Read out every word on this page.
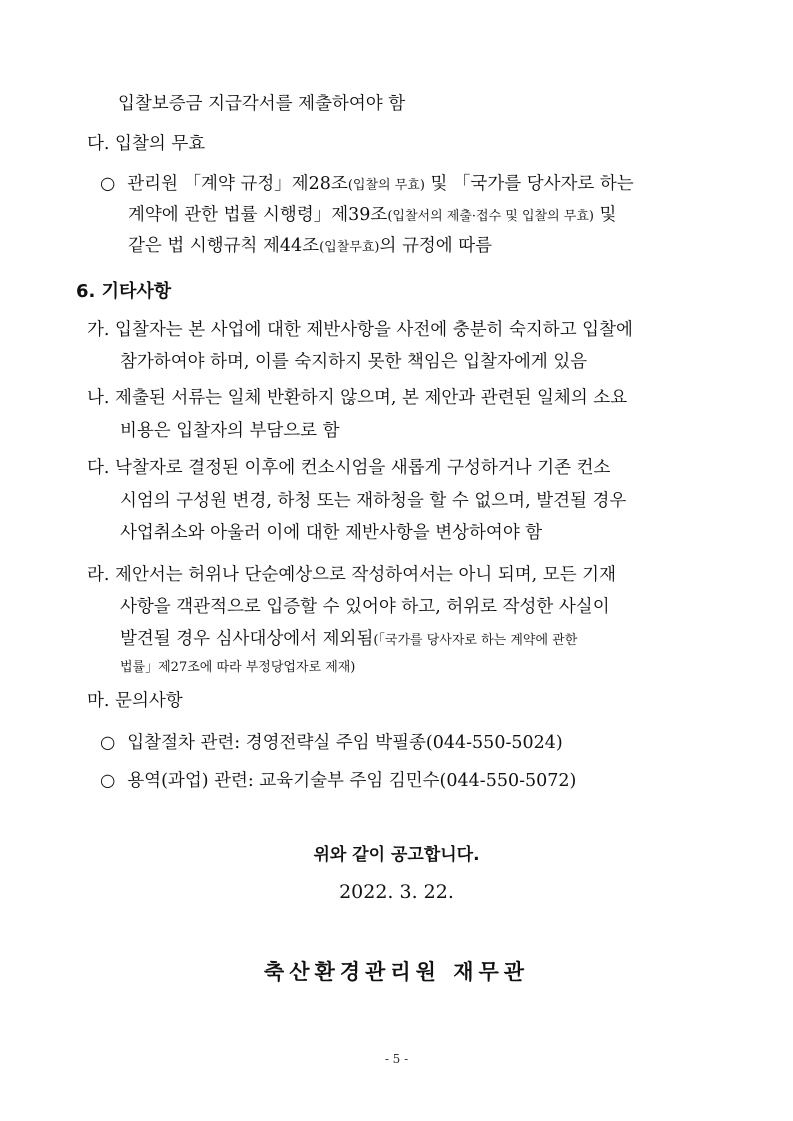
입찰보증금 지급각서를 제출하여야 함
다. 입찰의 무효
○ 관리원 「계약 규정」제28조(입찰의 무효) 및 「국가를 당사자로 하는
계약에 관한 법률 시행령」제39조(입찰서의 제출·접수 및 입찰의 무효) 및
같은 법 시행규칙 제44조(입찰무효)의 규정에 따름
6. 기타사항
가. 입찰자는 본 사업에 대한 제반사항을 사전에 충분히 숙지하고 입찰에
참가하여야 하며, 이를 숙지하지 못한 책임은 입찰자에게 있음
나. 제출된 서류는 일체 반환하지 않으며, 본 제안과 관련된 일체의 소요
비용은 입찰자의 부담으로 함
다. 낙찰자로 결정된 이후에 컨소시엄을 새롭게 구성하거나 기존 컨소
시엄의 구성원 변경, 하청 또는 재하청을 할 수 없으며, 발견될 경우
사업취소와 아울러 이에 대한 제반사항을 변상하여야 함
라. 제안서는 허위나 단순예상으로 작성하여서는 아니 되며, 모든 기재
사항을 객관적으로 입증할 수 있어야 하고, 허위로 작성한 사실이
발견될 경우 심사대상에서 제외됨(「국가를 당사자로 하는 계약에 관한
법률」제27조에 따라 부정당업자로 제재)
마. 문의사항
○ 입찰절차 관련: 경영전략실 주임 박필종(044-550-5024)
○ 용역(과업) 관련: 교육기술부 주임 김민수(044-550-5072)
위와 같이 공고합니다.
2022. 3. 22.
축산환경관리원 재무관
- 5 -
